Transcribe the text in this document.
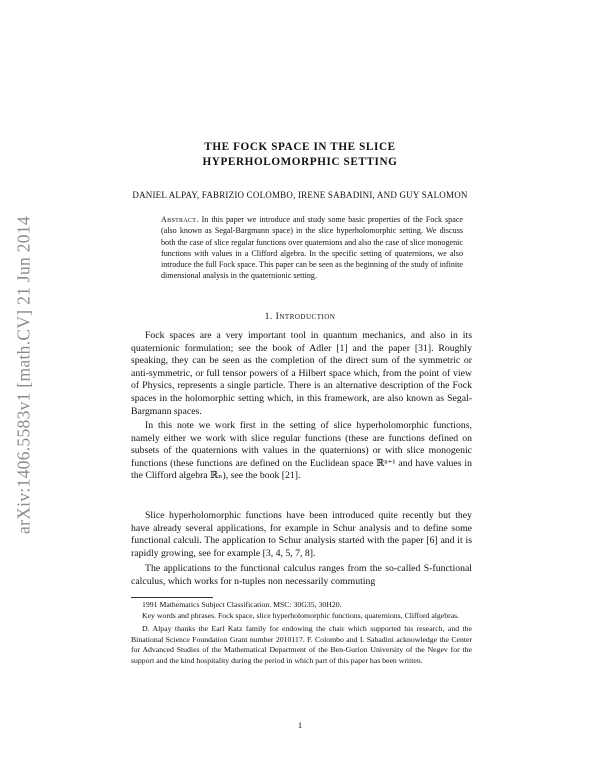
arXiv:1406.5583v1 [math.CV] 21 Jun 2014
THE FOCK SPACE IN THE SLICE
HYPERHOLOMORPHIC SETTING
DANIEL ALPAY, FABRIZIO COLOMBO, IRENE SABADINI, AND GUY SALOMON
Abstract. In this paper we introduce and study some basic properties of the Fock space (also known as Segal-Bargmann space) in the slice hyperholomorphic setting. We discuss both the case of slice regular functions over quaternions and also the case of slice monogenic functions with values in a Clifford algebra. In the specific setting of quaternions, we also introduce the full Fock space. This paper can be seen as the beginning of the study of infinite dimensional analysis in the quaternionic setting.
1. Introduction

Fock spaces are a very important tool in quantum mechanics, and also in its quaternionic formulation; see the book of Adler [1] and the paper [31]. Roughly speaking, they can be seen as the completion of the direct sum of the symmetric or anti-symmetric, or full tensor powers of a Hilbert space which, from the point of view of Physics, represents a single particle. There is an alternative description of the Fock spaces in the holomorphic setting which, in this framework, are also known as Segal-Bargmann spaces.

In this note we work first in the setting of slice hyperholomorphic functions, namely either we work with slice regular functions (these are functions defined on subsets of the quaternions with values in the quaternions) or with slice monogenic functions (these functions are defined on the Euclidean space ℝⁿ⁺¹ and have values in the Clifford algebra ℝₙ), see the book [21].

Slice hyperholomorphic functions have been introduced quite recently but they have already several applications, for example in Schur analysis and to define some functional calculi. The application to Schur analysis started with the paper [6] and it is rapidly growing, see for example [3, 4, 5, 7, 8].

The applications to the functional calculus ranges from the so-called S-functional calculus, which works for n-tuples non necessarily commuting

1991 Mathematics Subject Classification. MSC: 30G35, 30H20.

Key words and phrases. Fock space, slice hyperholomorphic functions, quaternions, Clifford algebras.

D. Alpay thanks the Earl Katz family for endowing the chair which supported his research, and the Binational Science Foundation Grant number 2010117. F. Colombo and I. Sabadini acknowledge the Center for Advanced Studies of the Mathematical Department of the Ben-Gurion University of the Negev for the support and the kind hospitality during the period in which part of this paper has been written.

1
